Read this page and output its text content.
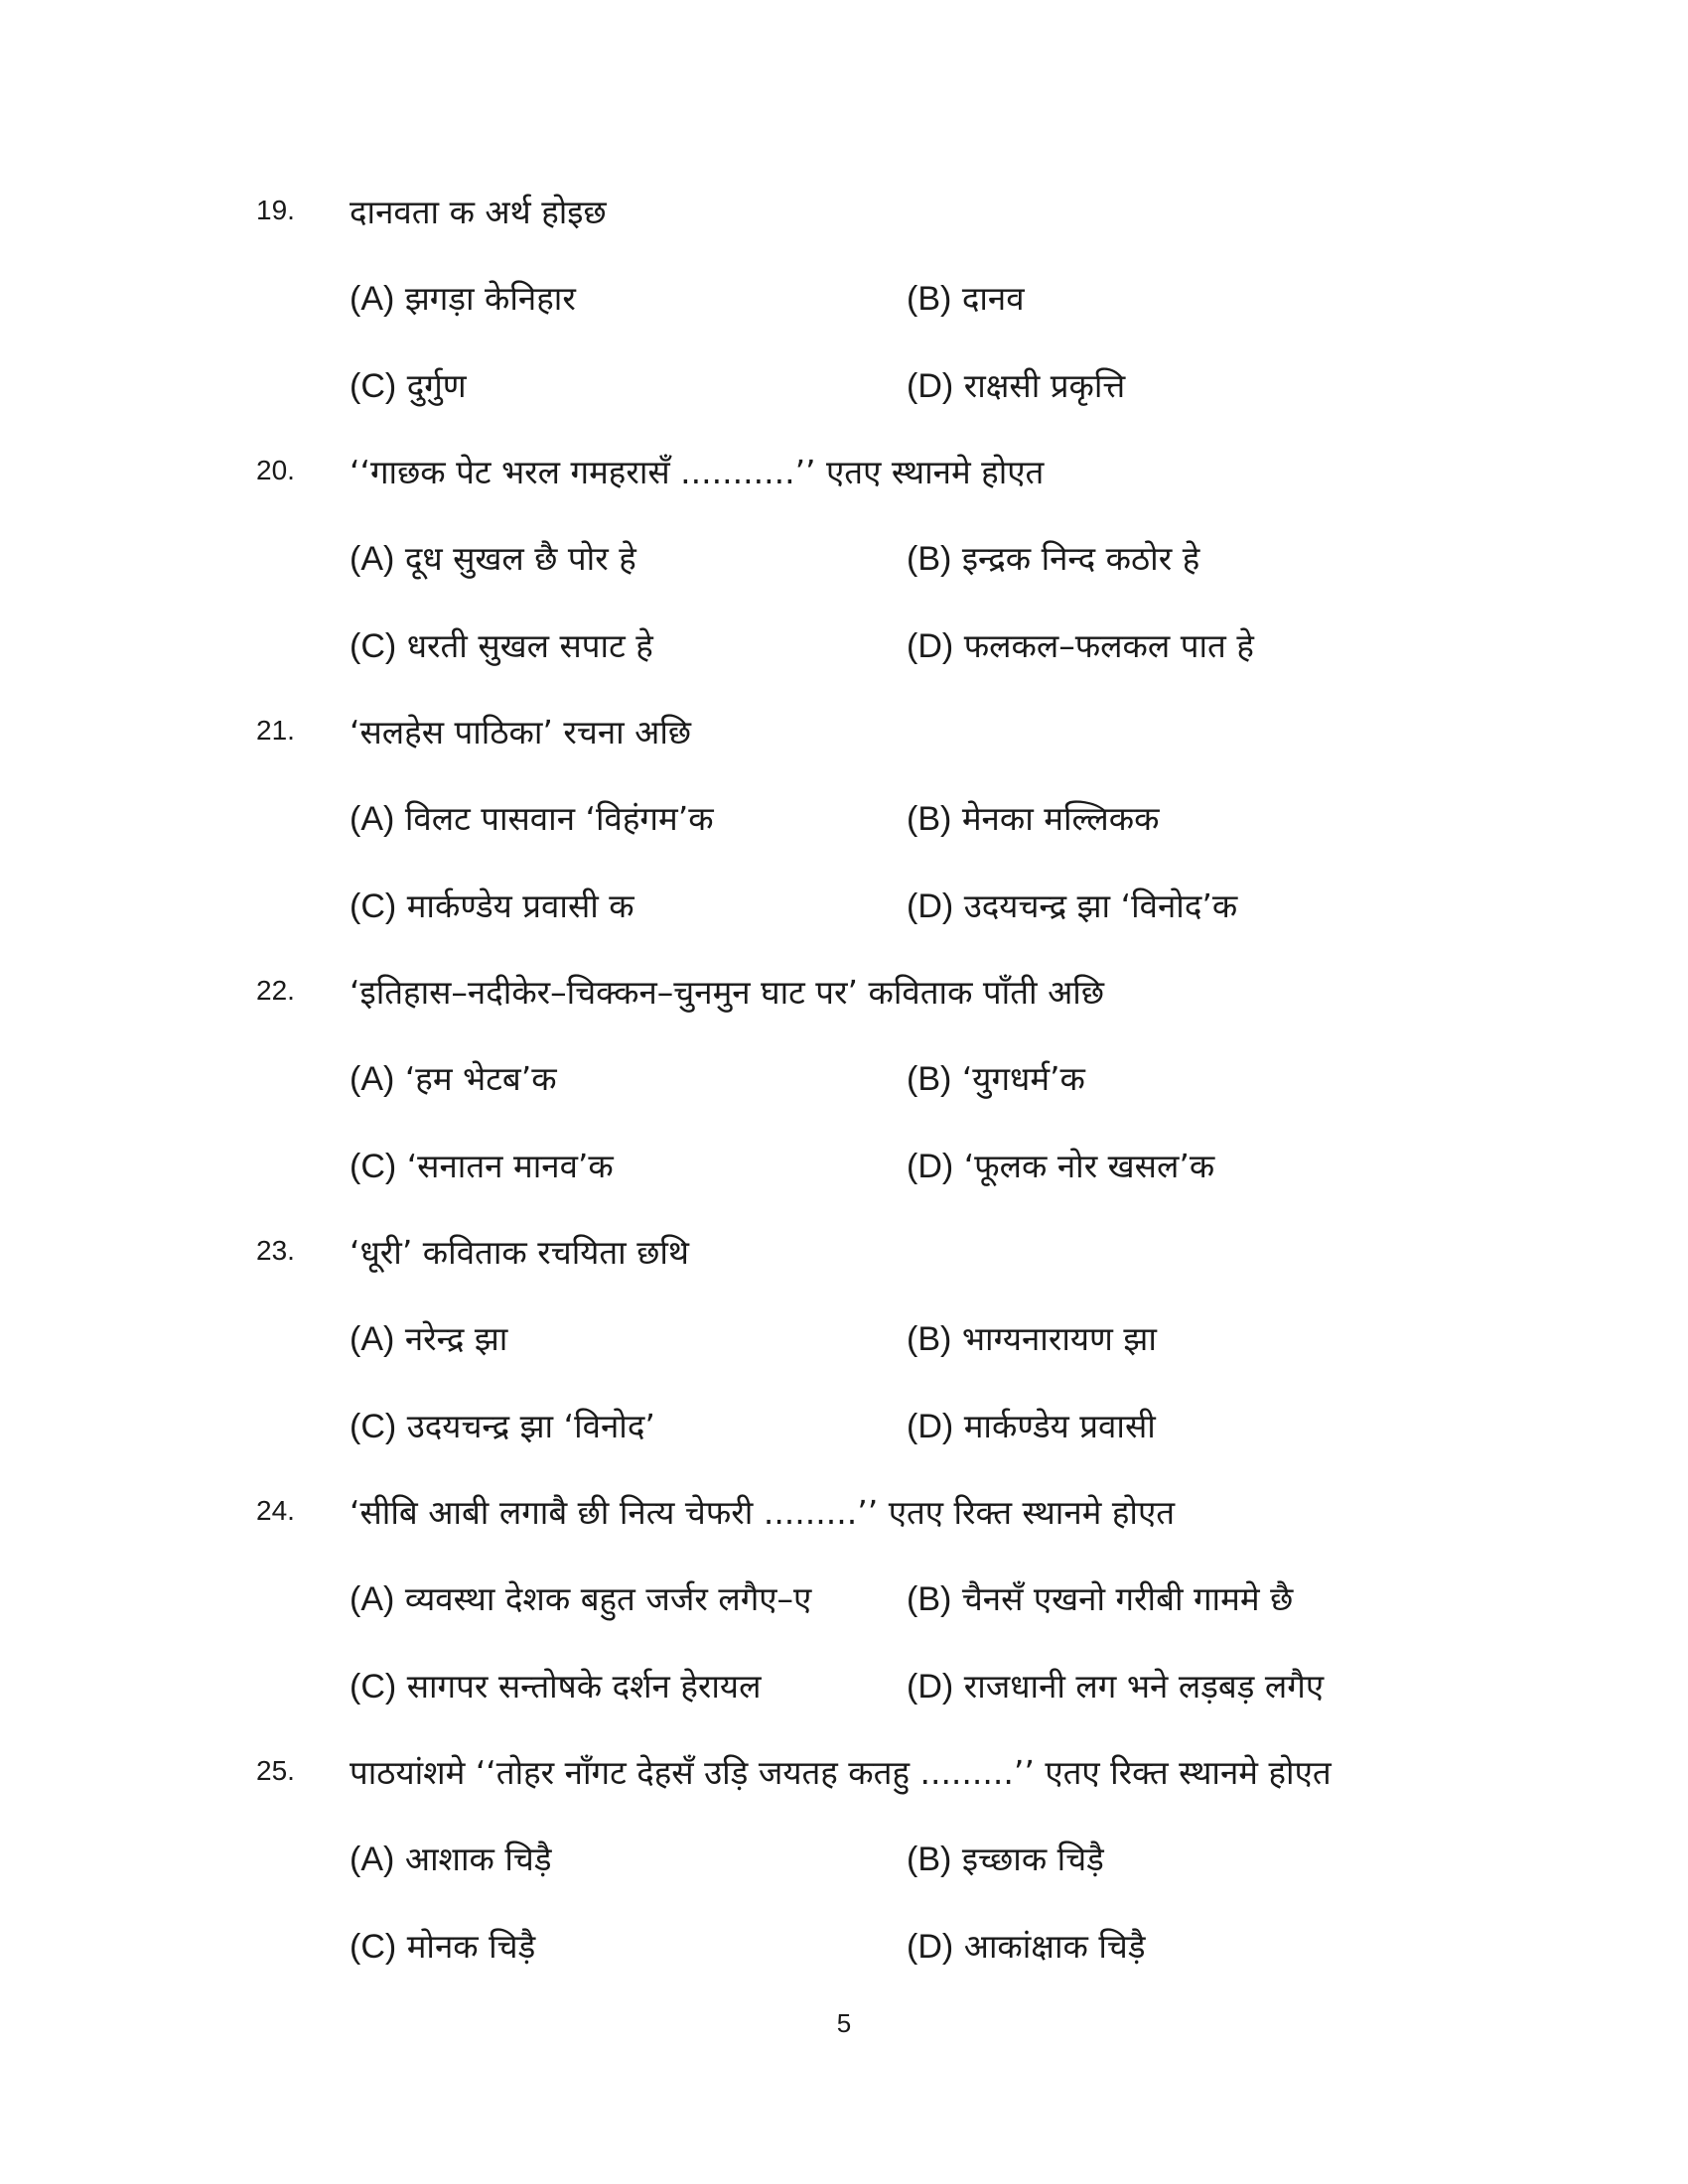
19. दानवता क अर्थ होइछ
(A) झगड़ा केनिहार	(B) दानव
(C) दुर्गुण	(D) राक्षसी प्रकृत्ति
20. ‘‘गाछक पेट भरल गमहरासँ ...........’’ एतए स्थानमे होएत
(A) दूध सुखल छै पोर हे	(B) इन्द्रक निन्द कठोर हे
(C) धरती सुखल सपाट हे	(D) फलकल–फलकल पात हे
21. ‘सलहेस पाठिका’ रचना अछि
(A) विलट पासवान ‘विहंगम’क	(B) मेनका मल्लिकक
(C) मार्कण्डेय प्रवासी क	(D) उदयचन्द्र झा ‘विनोद’क
22. ‘इतिहास–नदीकेर–चिक्कन–चुनमुन घाट पर’ कविताक पाँती अछि
(A) ‘हम भेटब’क	(B) ‘युगधर्म’क
(C) ‘सनातन मानव’क	(D) ‘फूलक नोर खसल’क
23. ‘धूरी’ कविताक रचयिता छथि
(A) नरेन्द्र झा	(B) भाग्यनारायण झा
(C) उदयचन्द्र झा ‘विनोद’	(D) मार्कण्डेय प्रवासी
24. ‘सीबि आबी लगाबै छी नित्य चेफरी .........’’ एतए रिक्त स्थानमे होएत
(A) व्यवस्था देशक बहुत जर्जर लगैए–ए	(B) चैनसँ एखनो गरीबी गाममे छै
(C) सागपर सन्तोषके दर्शन हेरायल	(D) राजधानी लग भने लड़बड़ लगैए
25. पाठयांशमे ‘‘तोहर नाँगट देहसँ उड़ि जयतह कतहु .........’’ एतए रिक्त स्थानमे होएत
(A) आशाक चिड़ै	(B) इच्छाक चिड़ै
(C) मोनक चिड़ै	(D) आकांक्षाक चिड़ै
5
